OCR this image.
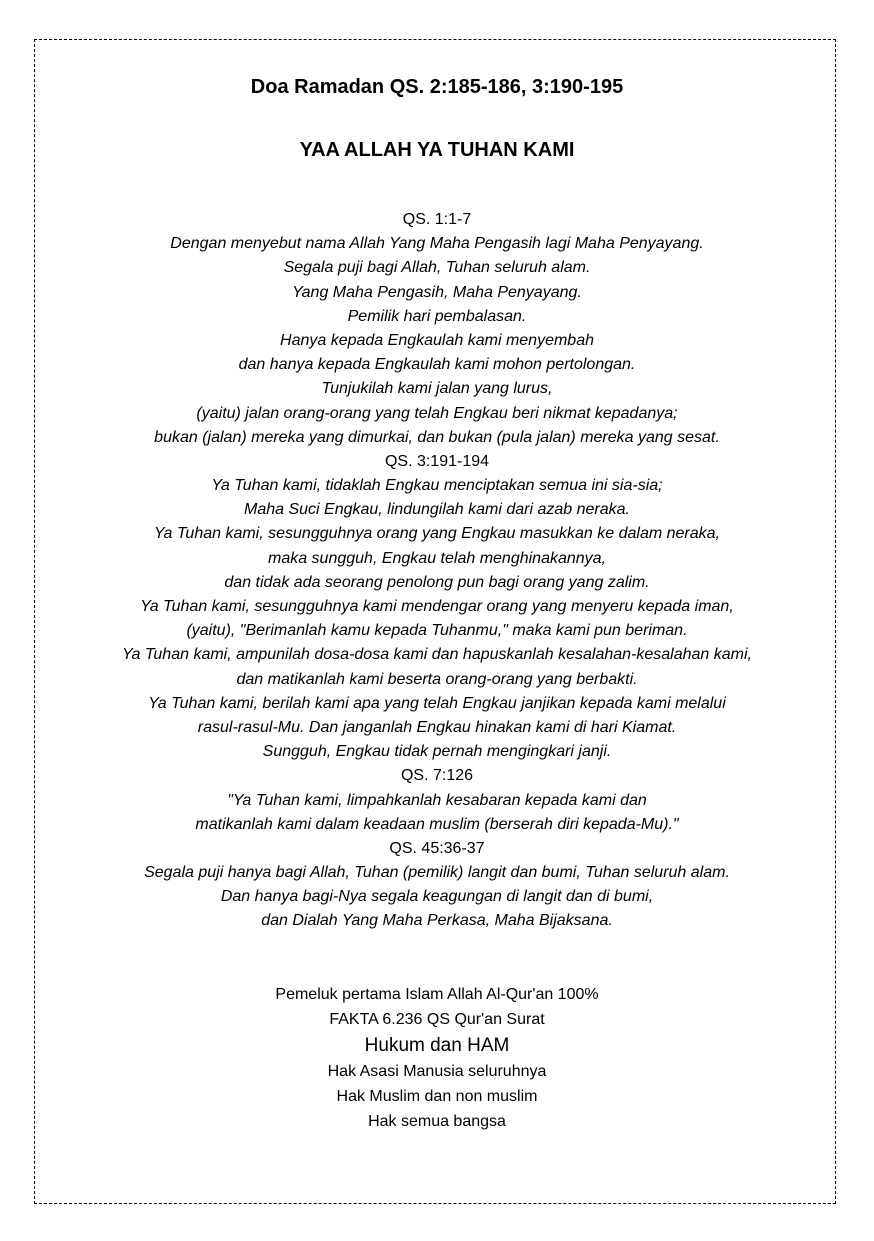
Doa Ramadan QS. 2:185-186, 3:190-195
YAA ALLAH YA TUHAN KAMI
QS. 1:1-7
Dengan menyebut nama Allah Yang Maha Pengasih lagi Maha Penyayang.
Segala puji bagi Allah, Tuhan seluruh alam.
Yang Maha Pengasih, Maha Penyayang.
Pemilik hari pembalasan.
Hanya kepada Engkaulah kami menyembah
dan hanya kepada Engkaulah kami mohon pertolongan.
Tunjukilah kami jalan yang lurus,
(yaitu) jalan orang-orang yang telah Engkau beri nikmat kepadanya;
bukan (jalan) mereka yang dimurkai, dan bukan (pula jalan) mereka yang sesat.
QS. 3:191-194
Ya Tuhan kami, tidaklah Engkau menciptakan semua ini sia-sia;
Maha Suci Engkau, lindungilah kami dari azab neraka.
Ya Tuhan kami, sesungguhnya orang yang Engkau masukkan ke dalam neraka,
maka sungguh, Engkau telah menghinakannya,
dan tidak ada seorang penolong pun bagi orang yang zalim.
Ya Tuhan kami, sesungguhnya kami mendengar orang yang menyeru kepada iman,
(yaitu), "Berimanlah kamu kepada Tuhanmu," maka kami pun beriman.
Ya Tuhan kami, ampunilah dosa-dosa kami dan hapuskanlah kesalahan-kesalahan kami,
dan matikanlah kami beserta orang-orang yang berbakti.
Ya Tuhan kami, berilah kami apa yang telah Engkau janjikan kepada kami melalui
rasul-rasul-Mu. Dan janganlah Engkau hinakan kami di hari Kiamat.
Sungguh, Engkau tidak pernah mengingkari janji.
QS. 7:126
"Ya Tuhan kami, limpahkanlah kesabaran kepada kami dan
matikanlah kami dalam keadaan muslim (berserah diri kepada-Mu)."
QS. 45:36-37
Segala puji hanya bagi Allah, Tuhan (pemilik) langit dan bumi, Tuhan seluruh alam.
Dan hanya bagi-Nya segala keagungan di langit dan di bumi,
dan Dialah Yang Maha Perkasa, Maha Bijaksana.
Pemeluk pertama Islam Allah Al-Qur'an 100%
FAKTA 6.236 QS Qur'an Surat
Hukum dan HAM
Hak Asasi Manusia seluruhnya
Hak Muslim dan non muslim
Hak semua bangsa
